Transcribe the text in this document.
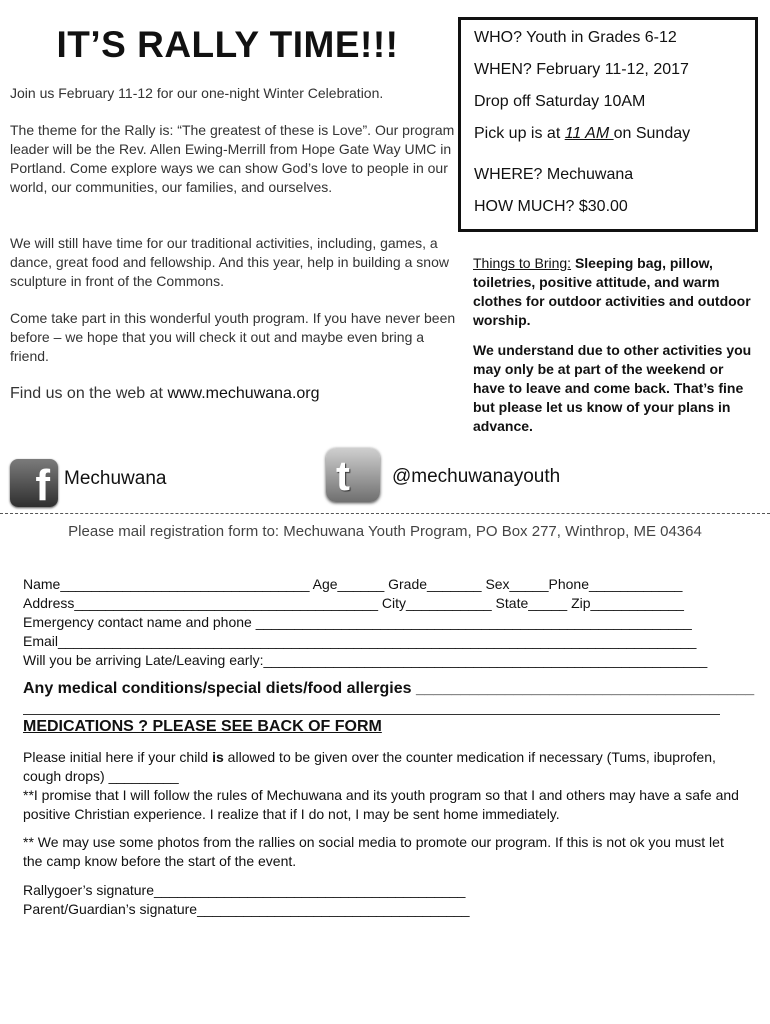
IT’S RALLY TIME!!!
Join us February 11-12 for our one-night Winter Celebration.
The theme for the Rally is: “The greatest of these is Love”. Our program leader will be the Rev. Allen Ewing-Merrill from Hope Gate Way UMC in Portland. Come explore ways we can show God’s love to people in our world, our communities, our families, and ourselves.
We will still have time for our traditional activities, including, games, a dance, great food and fellowship. And this year, help in building a snow sculpture in front of the Commons.
Come take part in this wonderful youth program. If you have never been before – we hope that you will check it out and maybe even bring a friend.
Find us on the web at www.mechuwana.org
WHO? Youth in Grades 6-12
WHEN? February 11-12, 2017
Drop off Saturday 10AM
Pick up is at 11 AM on Sunday
WHERE? Mechuwana
HOW MUCH? $30.00
Things to Bring: Sleeping bag, pillow, toiletries, positive attitude, and warm clothes for outdoor activities and outdoor worship.
We understand due to other activities you may only be at part of the weekend or have to leave and come back. That’s fine but please let us know of your plans in advance.
f Mechuwana	t @mechuwanayouth
Please mail registration form to: Mechuwana Youth Program, PO Box 277, Winthrop, ME 04364
Name________________________________ Age______ Grade_______ Sex_____Phone____________
Address_______________________________________ City___________ State_____ Zip____________
Emergency contact name and phone ________________________________________________________
Email__________________________________________________________________________________
Will you be arriving Late/Leaving early:_________________________________________________________
Any medical conditions/special diets/food allergies ______________________________________
MEDICATIONS ? PLEASE SEE BACK OF FORM
Please initial here if your child is allowed to be given over the counter medication if necessary (Tums, ibuprofen, cough drops) _________
**I promise that I will follow the rules of Mechuwana and its youth program so that I and others may have a safe and positive Christian experience. I realize that if I do not, I may be sent home immediately.
** We may use some photos from the rallies on social media to promote our program. If this is not ok you must let the camp know before the start of the event.
Rallygoer’s signature________________________________________
Parent/Guardian’s signature___________________________________
